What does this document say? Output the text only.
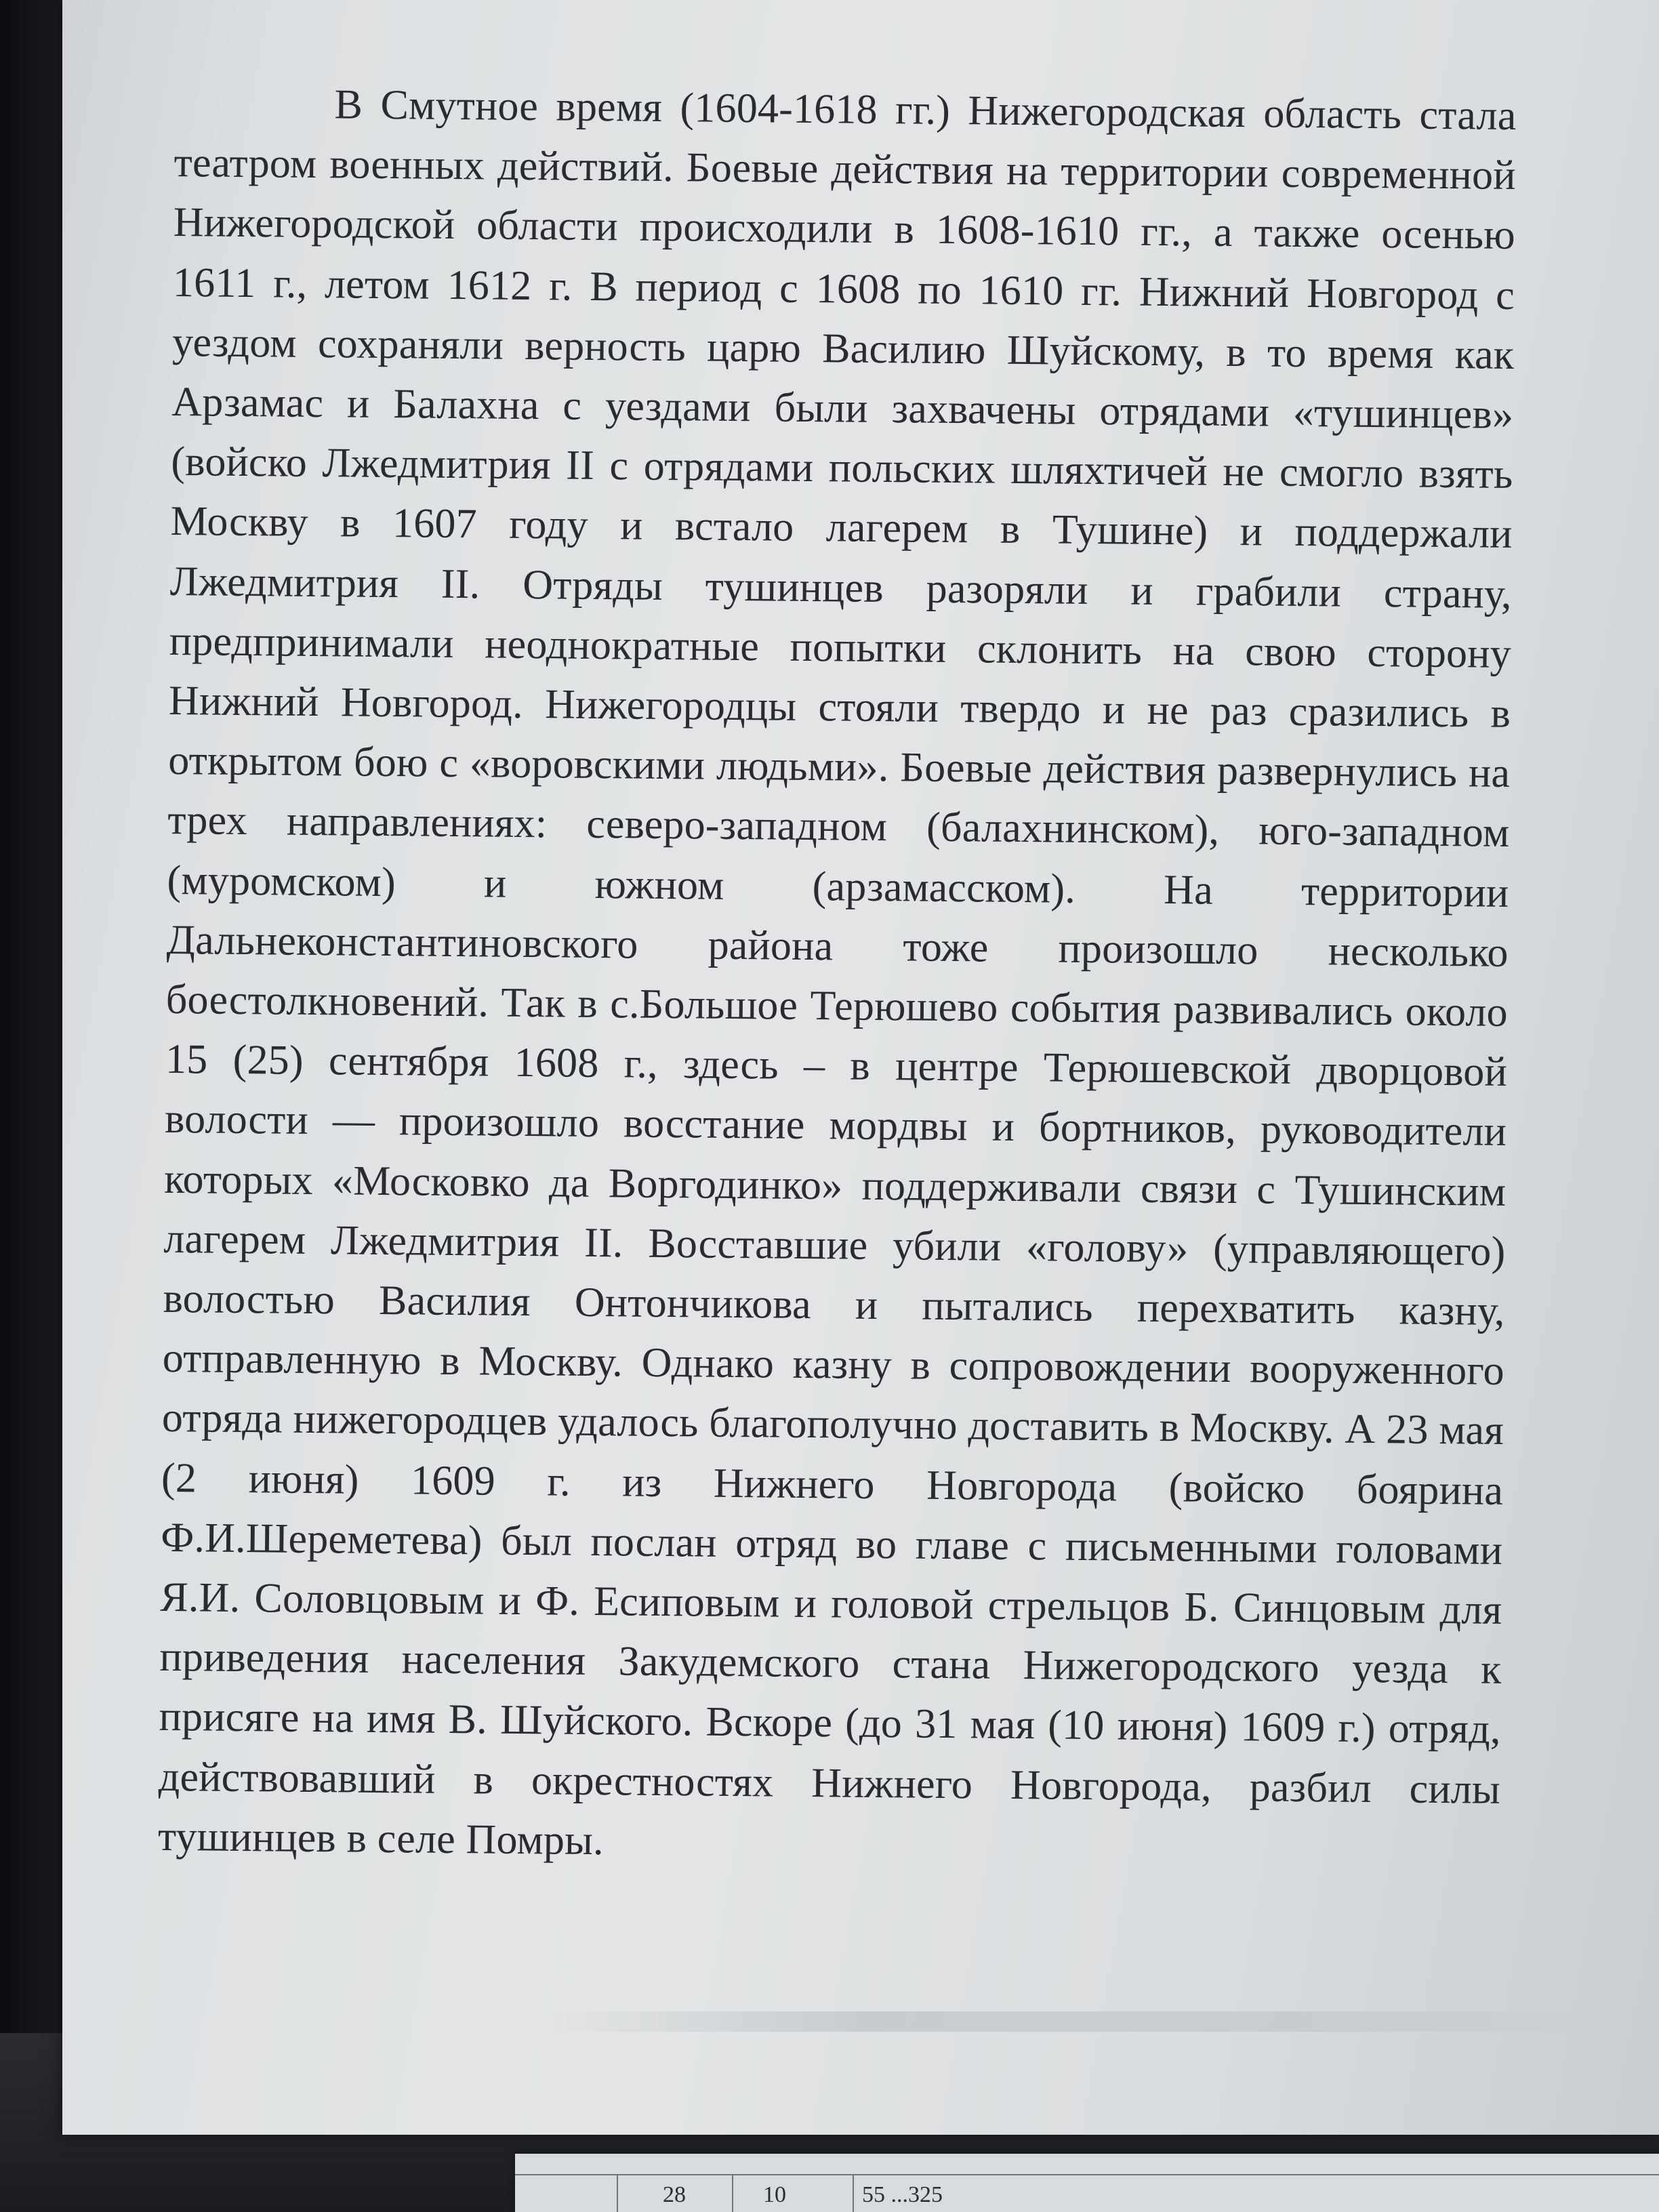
28	10	55 ...325

В Смутное время (1604-1618 гг.) Нижегородская область стала театром военных действий. Боевые действия на территории современной Нижегородской области происходили в 1608-1610 гг., а также осенью 1611 г., летом 1612 г. В период с 1608 по 1610 гг. Нижний Новгород с уездом сохраняли верность царю Василию Шуйскому, в то время как Арзамас и Балахна с уездами были захвачены отрядами «тушинцев» (войско Лжедмитрия II с отрядами польских шляхтичей не смогло взять Москву в 1607 году и встало лагерем в Тушине) и поддержали Лжедмитрия II. Отряды тушинцев разоряли и грабили страну, предпринимали неоднократные попытки склонить на свою сторону Нижний Новгород. Нижегородцы стояли твердо и не раз сразились в открытом бою с «воровскими людьми». Боевые действия развернулись на трех направлениях: северо-западном (балахнинском), юго-западном (муромском) и южном (арзамасском). На территории Дальнеконстантиновского района тоже произошло несколько боестолкновений. Так в с.Большое Терюшево события развивались около 15 (25) сентября 1608 г., здесь – в центре Терюшевской дворцовой волости — произошло восстание мордвы и бортников, руководители которых «Московко да Воргодинко» поддерживали связи с Тушинским лагерем Лжедмитрия II. Восставшие убили «голову» (управляющего) волостью Василия Онтончикова и пытались перехватить казну, отправленную в Москву. Однако казну в сопровождении вооруженного отряда нижегородцев удалось благополучно доставить в Москву. А 23 мая (2 июня) 1609 г. из Нижнего Новгорода (войско боярина Ф.И.Шереметева) был послан отряд во главе с письменными головами Я.И. Соловцовым и Ф. Есиповым и головой стрельцов Б. Синцовым для приведения населения Закудемского стана Нижегородского уезда к присяге на имя В. Шуйского. Вскоре (до 31 мая (10 июня) 1609 г.) отряд, действовавший в окрестностях Нижнего Новгорода, разбил силы тушинцев в селе Помры.
